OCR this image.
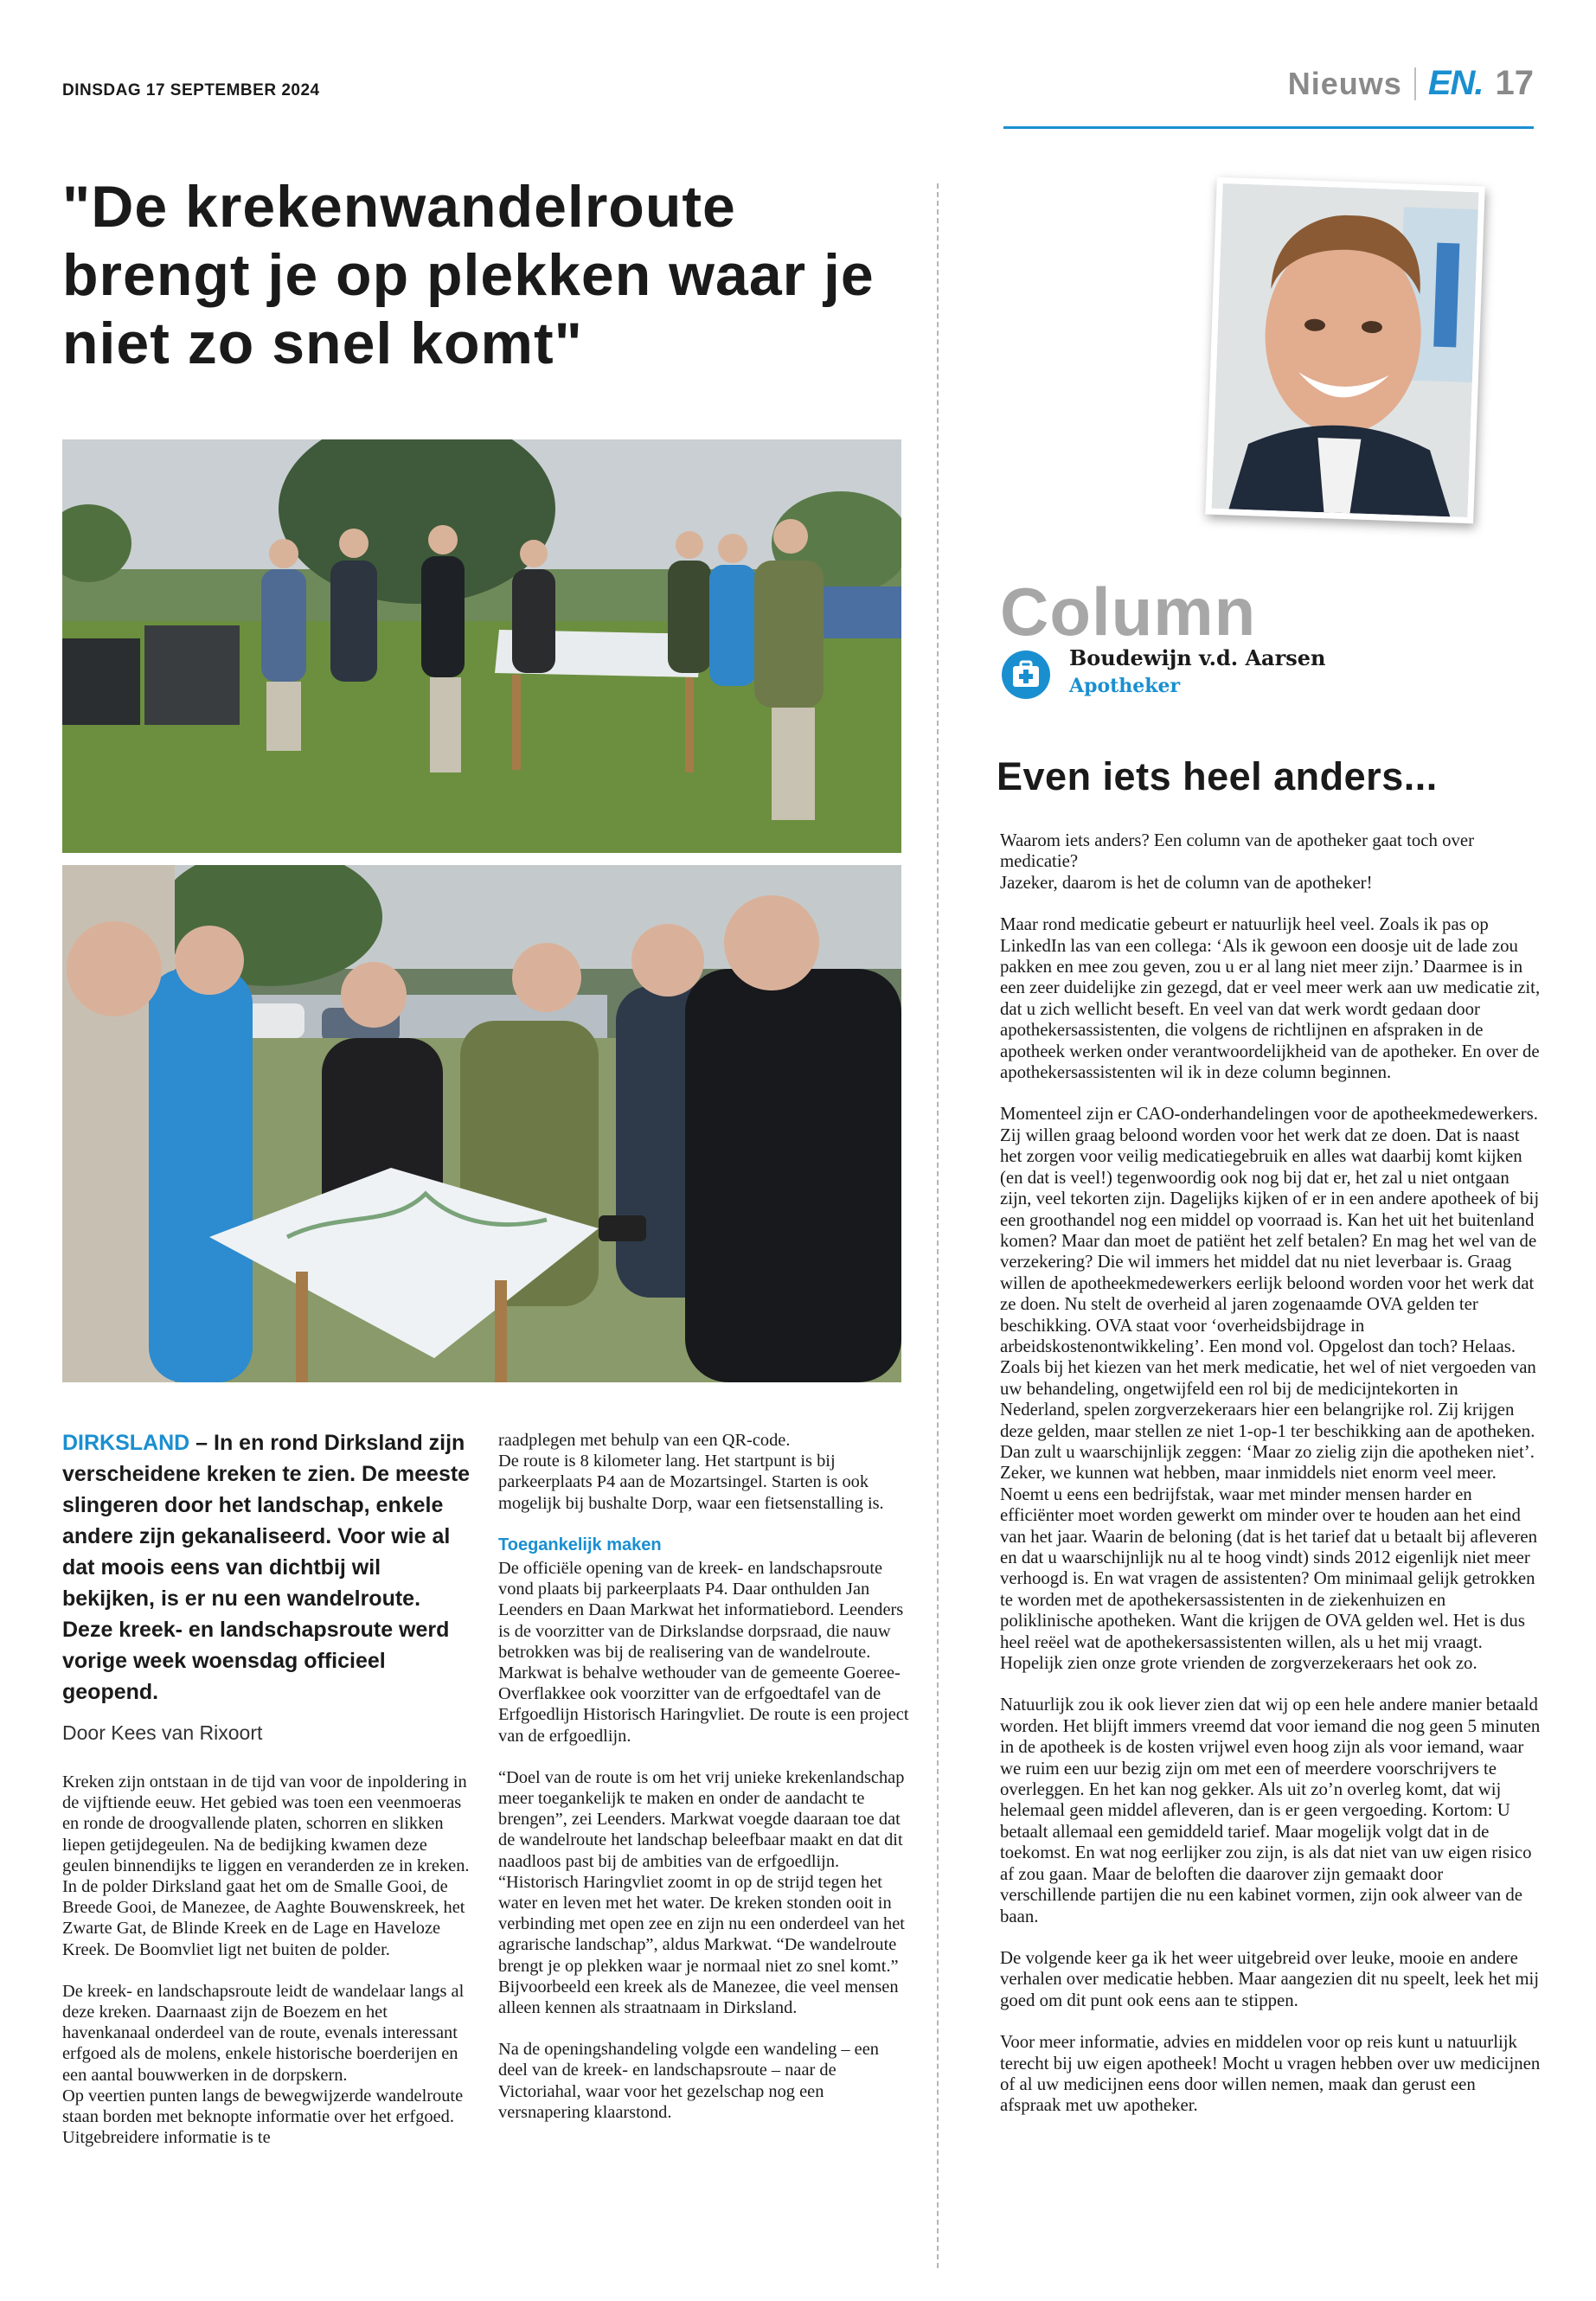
DINSDAG 17 SEPTEMBER 2024	Nieuws EN. 17
"De krekenwandelroute brengt je op plekken waar je niet zo snel komt"
DIRKSLAND – In en rond Dirksland zijn verscheidene kreken te zien. De meeste slingeren door het landschap, enkele andere zijn gekanaliseerd. Voor wie al dat moois eens van dichtbij wil bekijken, is er nu een wandelroute. Deze kreek- en landschapsroute werd vorige week woensdag officieel geopend.
Door Kees van Rixoort

Kreken zijn ontstaan in de tijd van voor de inpoldering in de vijftiende eeuw. Het gebied was toen een veenmoeras en ronde de droogvallende platen, schorren en slikken liepen getijdegeulen. Na de bedijking kwamen deze geulen binnendijks te liggen en veranderden ze in kreken.
In de polder Dirksland gaat het om de Smalle Gooi, de Breede Gooi, de Manezee, de Aaghte Bouwenskreek, het Zwarte Gat, de Blinde Kreek en de Lage en Haveloze Kreek. De Boomvliet ligt net buiten de polder.

De kreek- en landschapsroute leidt de wandelaar langs al deze kreken. Daarnaast zijn de Boezem en het havenkanaal onderdeel van de route, evenals interessant erfgoed als de molens, enkele historische boerderijen en een aantal bouwwerken in de dorpskern.
Op veertien punten langs de bewegwijzerde wandelroute staan borden met beknopte informatie over het erfgoed. Uitgebreidere informatie is te

raadplegen met behulp van een QR-code.
De route is 8 kilometer lang. Het startpunt is bij parkeerplaats P4 aan de Mozartsingel. Starten is ook mogelijk bij bushalte Dorp, waar een fietsenstalling is.

Toegankelijk maken

De officiële opening van de kreek- en landschapsroute vond plaats bij parkeerplaats P4. Daar onthulden Jan Leenders en Daan Markwat het informatiebord. Leenders is de voorzitter van de Dirkslandse dorpsraad, die nauw betrokken was bij de realisering van de wandelroute. Markwat is behalve wethouder van de gemeente Goeree-Overflakkee ook voorzitter van de erfgoedtafel van de Erfgoedlijn Historisch Haringvliet. De route is een project van de erfgoedlijn.

“Doel van de route is om het vrij unieke krekenlandschap meer toegankelijk te maken en onder de aandacht te brengen”, zei Leenders. Markwat voegde daaraan toe dat de wandelroute het landschap beleefbaar maakt en dat dit naadloos past bij de ambities van de erfgoedlijn. “Historisch Haringvliet zoomt in op de strijd tegen het water en leven met het water. De kreken stonden ooit in verbinding met open zee en zijn nu een onderdeel van het agrarische landschap”, aldus Markwat. “De wandelroute brengt je op plekken waar je normaal niet zo snel komt.” Bijvoorbeeld een kreek als de Manezee, die veel mensen alleen kennen als straatnaam in Dirksland.

Na de openingshandeling volgde een wandeling – een deel van de kreek- en landschapsroute – naar de Victoriahal, waar voor het gezelschap nog een versnapering klaarstond.

Column
Boudewijn v.d. Aarsen
Apotheker
Even iets heel anders...

Waarom iets anders? Een column van de apotheker gaat toch over medicatie?
Jazeker, daarom is het de column van de apotheker!

Maar rond medicatie gebeurt er natuurlijk heel veel. Zoals ik pas op LinkedIn las van een collega: ‘Als ik gewoon een doosje uit de lade zou pakken en mee zou geven, zou u er al lang niet meer zijn.’ Daarmee is in een zeer duidelijke zin gezegd, dat er veel meer werk aan uw medicatie zit, dat u zich wellicht beseft. En veel van dat werk wordt gedaan door apothekersassistenten, die volgens de richtlijnen en afspraken in de apotheek werken onder verantwoordelijkheid van de apotheker. En over de apothekersassistenten wil ik in deze column beginnen.

Momenteel zijn er CAO-onderhandelingen voor de apotheekmedewerkers. Zij willen graag beloond worden voor het werk dat ze doen. Dat is naast het zorgen voor veilig medicatiegebruik en alles wat daarbij komt kijken (en dat is veel!) tegenwoordig ook nog bij dat er, het zal u niet ontgaan zijn, veel tekorten zijn. Dagelijks kijken of er in een andere apotheek of bij een groothandel nog een middel op voorraad is. Kan het uit het buitenland komen? Maar dan moet de patiënt het zelf betalen? En mag het wel van de verzekering? Die wil immers het middel dat nu niet leverbaar is. Graag willen de apotheekmedewerkers eerlijk beloond worden voor het werk dat ze doen. Nu stelt de overheid al jaren zogenaamde OVA gelden ter beschikking. OVA staat voor ‘overheidsbijdrage in arbeidskostenontwikkeling’. Een mond vol. Opgelost dan toch? Helaas. Zoals bij het kiezen van het merk medicatie, het wel of niet vergoeden van uw behandeling, ongetwijfeld een rol bij de medicijntekorten in Nederland, spelen zorgverzekeraars hier een belangrijke rol. Zij krijgen deze gelden, maar stellen ze niet 1-op-1 ter beschikking aan de apotheken. Dan zult u waarschijnlijk zeggen: ‘Maar zo zielig zijn die apotheken niet’. Zeker, we kunnen wat hebben, maar inmiddels niet enorm veel meer. Noemt u eens een bedrijfstak, waar met minder mensen harder en efficiënter moet worden gewerkt om minder over te houden aan het eind van het jaar. Waarin de beloning (dat is het tarief dat u betaalt bij afleveren en dat u waarschijnlijk nu al te hoog vindt) sinds 2012 eigenlijk niet meer verhoogd is. En wat vragen de assistenten? Om minimaal gelijk getrokken te worden met de apothekersassistenten in de ziekenhuizen en poliklinische apotheken. Want die krijgen de OVA gelden wel. Het is dus heel reëel wat de apothekersassistenten willen, als u het mij vraagt. Hopelijk zien onze grote vrienden de zorgverzekeraars het ook zo.

Natuurlijk zou ik ook liever zien dat wij op een hele andere manier betaald worden. Het blijft immers vreemd dat voor iemand die nog geen 5 minuten in de apotheek is de kosten vrijwel even hoog zijn als voor iemand, waar we ruim een uur bezig zijn om met een of meerdere voorschrijvers te overleggen. En het kan nog gekker. Als uit zo’n overleg komt, dat wij helemaal geen middel afleveren, dan is er geen vergoeding. Kortom: U betaalt allemaal een gemiddeld tarief. Maar mogelijk volgt dat in de toekomst. En wat nog eerlijker zou zijn, is als dat niet van uw eigen risico af zou gaan. Maar de beloften die daarover zijn gemaakt door verschillende partijen die nu een kabinet vormen, zijn ook alweer van de baan.

De volgende keer ga ik het weer uitgebreid over leuke, mooie en andere verhalen over medicatie hebben. Maar aangezien dit nu speelt, leek het mij goed om dit punt ook eens aan te stippen.

Voor meer informatie, advies en middelen voor op reis kunt u natuurlijk terecht bij uw eigen apotheek! Mocht u vragen hebben over uw medicijnen of al uw medicijnen eens door willen nemen, maak dan gerust een afspraak met uw apotheker.
